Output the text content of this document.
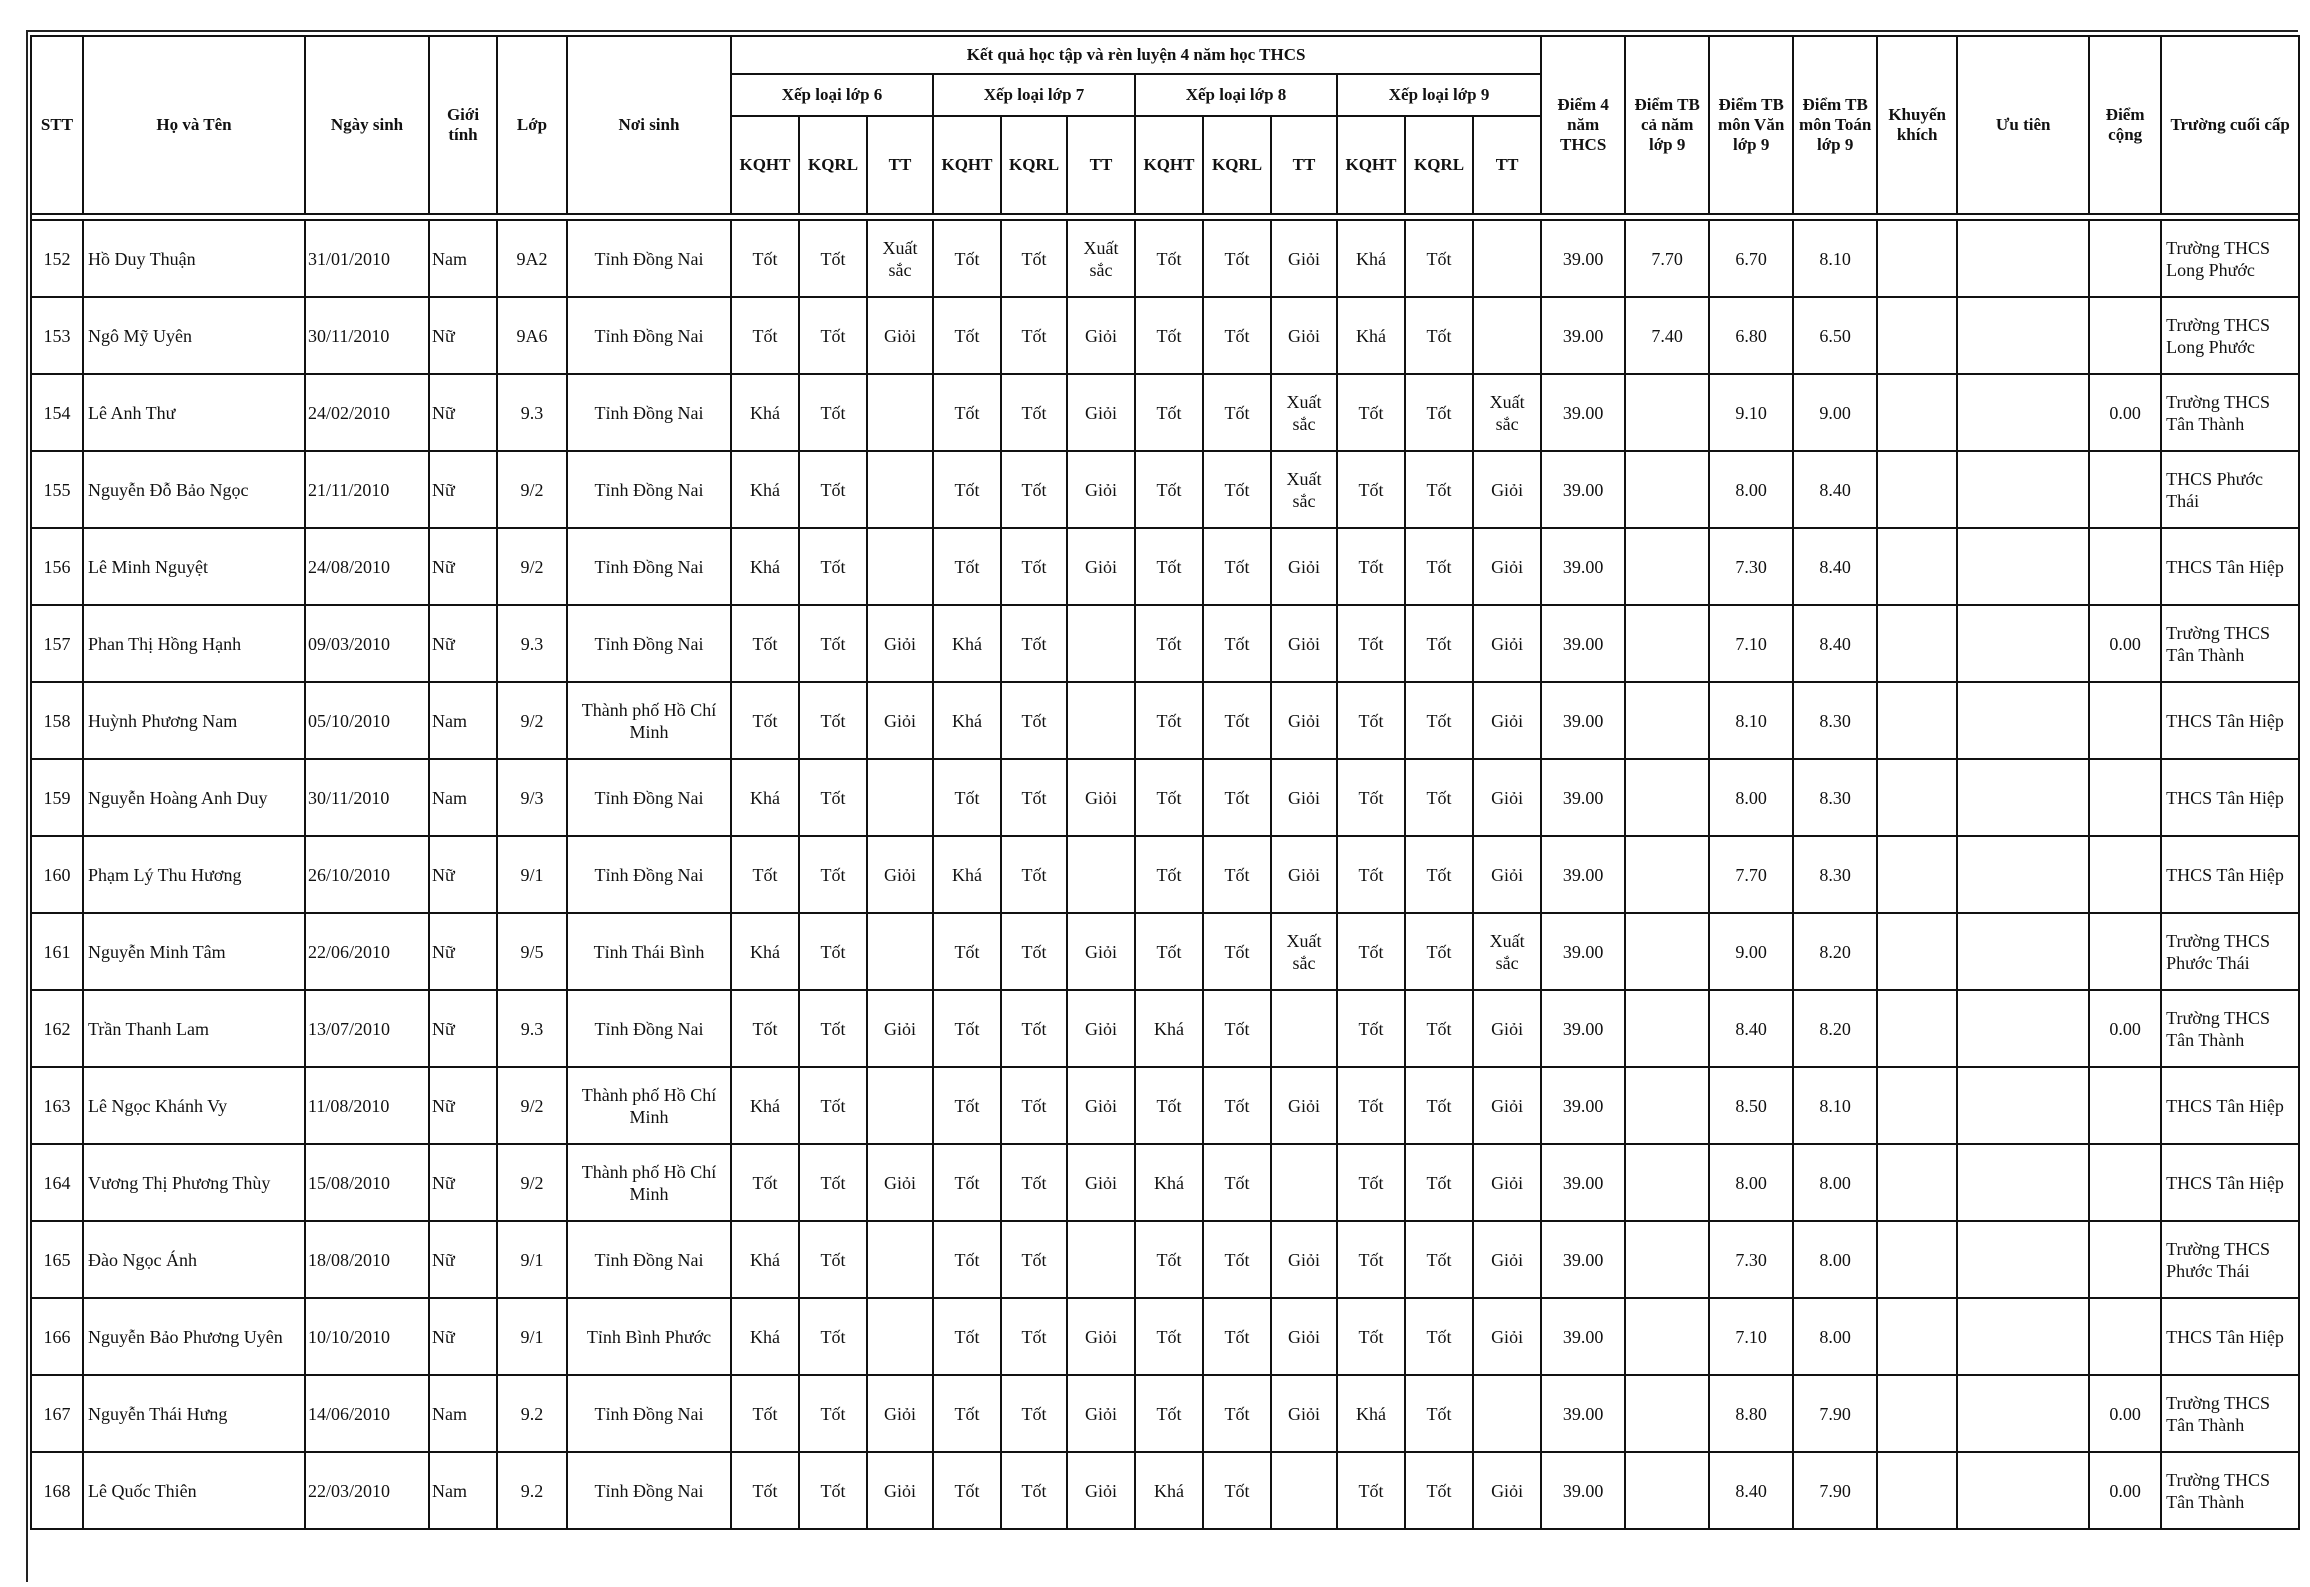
STT	Họ và Tên	Ngày sinh	Giới tính	Lớp	Nơi sinh	Kết quả học tập và rèn luyện 4 năm học THCS												Điểm 4 năm THCS	Điểm TB cả năm lớp 9	Điểm TB môn Văn lớp 9	Điểm TB môn Toán lớp 9	Khuyến khích	Ưu tiên	Điểm cộng	Trường cuối cấp
						Xếp loại lớp 6			Xếp loại lớp 7			Xếp loại lớp 8			Xếp loại lớp 9										
						KQHT	KQRL	TT	KQHT	KQRL	TT	KQHT	KQRL	TT	KQHT	KQRL	TT								

152	Hồ Duy Thuận	31/01/2010	Nam	9A2	Tỉnh Đồng Nai	Tốt	Tốt	Xuất sắc	Tốt	Tốt	Xuất sắc	Tốt	Tốt	Giỏi	Khá	Tốt		39.00	7.70	6.70	8.10				Trường THCS Long Phước
153	Ngô Mỹ Uyên	30/11/2010	Nữ	9A6	Tỉnh Đồng Nai	Tốt	Tốt	Giỏi	Tốt	Tốt	Giỏi	Tốt	Tốt	Giỏi	Khá	Tốt		39.00	7.40	6.80	6.50				Trường THCS Long Phước
154	Lê Anh Thư	24/02/2010	Nữ	9.3	Tỉnh Đồng Nai	Khá	Tốt		Tốt	Tốt	Giỏi	Tốt	Tốt	Xuất sắc	Tốt	Tốt	Xuất sắc	39.00		9.10	9.00			0.00	Trường THCS Tân Thành
155	Nguyễn Đỗ Bảo Ngọc	21/11/2010	Nữ	9/2	Tỉnh Đồng Nai	Khá	Tốt		Tốt	Tốt	Giỏi	Tốt	Tốt	Xuất sắc	Tốt	Tốt	Giỏi	39.00		8.00	8.40				THCS Phước Thái
156	Lê Minh Nguyệt	24/08/2010	Nữ	9/2	Tỉnh Đồng Nai	Khá	Tốt		Tốt	Tốt	Giỏi	Tốt	Tốt	Giỏi	Tốt	Tốt	Giỏi	39.00		7.30	8.40				THCS Tân Hiệp
157	Phan Thị Hồng Hạnh	09/03/2010	Nữ	9.3	Tỉnh Đồng Nai	Tốt	Tốt	Giỏi	Khá	Tốt		Tốt	Tốt	Giỏi	Tốt	Tốt	Giỏi	39.00		7.10	8.40			0.00	Trường THCS Tân Thành
158	Huỳnh Phương Nam	05/10/2010	Nam	9/2	Thành phố Hồ Chí Minh	Tốt	Tốt	Giỏi	Khá	Tốt		Tốt	Tốt	Giỏi	Tốt	Tốt	Giỏi	39.00		8.10	8.30				THCS Tân Hiệp
159	Nguyễn Hoàng Anh Duy	30/11/2010	Nam	9/3	Tỉnh Đồng Nai	Khá	Tốt		Tốt	Tốt	Giỏi	Tốt	Tốt	Giỏi	Tốt	Tốt	Giỏi	39.00		8.00	8.30				THCS Tân Hiệp
160	Phạm Lý Thu Hương	26/10/2010	Nữ	9/1	Tỉnh Đồng Nai	Tốt	Tốt	Giỏi	Khá	Tốt		Tốt	Tốt	Giỏi	Tốt	Tốt	Giỏi	39.00		7.70	8.30				THCS Tân Hiệp
161	Nguyễn Minh Tâm	22/06/2010	Nữ	9/5	Tỉnh Thái Bình	Khá	Tốt		Tốt	Tốt	Giỏi	Tốt	Tốt	Xuất sắc	Tốt	Tốt	Xuất sắc	39.00		9.00	8.20				Trường THCS Phước Thái
162	Trần Thanh Lam	13/07/2010	Nữ	9.3	Tỉnh Đồng Nai	Tốt	Tốt	Giỏi	Tốt	Tốt	Giỏi	Khá	Tốt		Tốt	Tốt	Giỏi	39.00		8.40	8.20			0.00	Trường THCS Tân Thành
163	Lê Ngọc Khánh Vy	11/08/2010	Nữ	9/2	Thành phố Hồ Chí Minh	Khá	Tốt		Tốt	Tốt	Giỏi	Tốt	Tốt	Giỏi	Tốt	Tốt	Giỏi	39.00		8.50	8.10				THCS Tân Hiệp
164	Vương Thị Phương Thùy	15/08/2010	Nữ	9/2	Thành phố Hồ Chí Minh	Tốt	Tốt	Giỏi	Tốt	Tốt	Giỏi	Khá	Tốt		Tốt	Tốt	Giỏi	39.00		8.00	8.00				THCS Tân Hiệp
165	Đào Ngọc Ánh	18/08/2010	Nữ	9/1	Tỉnh Đồng Nai	Khá	Tốt		Tốt	Tốt		Tốt	Tốt	Giỏi	Tốt	Tốt	Giỏi	39.00		7.30	8.00				Trường THCS Phước Thái
166	Nguyễn Bảo Phương Uyên	10/10/2010	Nữ	9/1	Tỉnh Bình Phước	Khá	Tốt		Tốt	Tốt	Giỏi	Tốt	Tốt	Giỏi	Tốt	Tốt	Giỏi	39.00		7.10	8.00				THCS Tân Hiệp
167	Nguyễn Thái Hưng	14/06/2010	Nam	9.2	Tỉnh Đồng Nai	Tốt	Tốt	Giỏi	Tốt	Tốt	Giỏi	Tốt	Tốt	Giỏi	Khá	Tốt		39.00		8.80	7.90			0.00	Trường THCS Tân Thành
168	Lê Quốc Thiên	22/03/2010	Nam	9.2	Tỉnh Đồng Nai	Tốt	Tốt	Giỏi	Tốt	Tốt	Giỏi	Khá	Tốt		Tốt	Tốt	Giỏi	39.00		8.40	7.90			0.00	Trường THCS Tân Thành
